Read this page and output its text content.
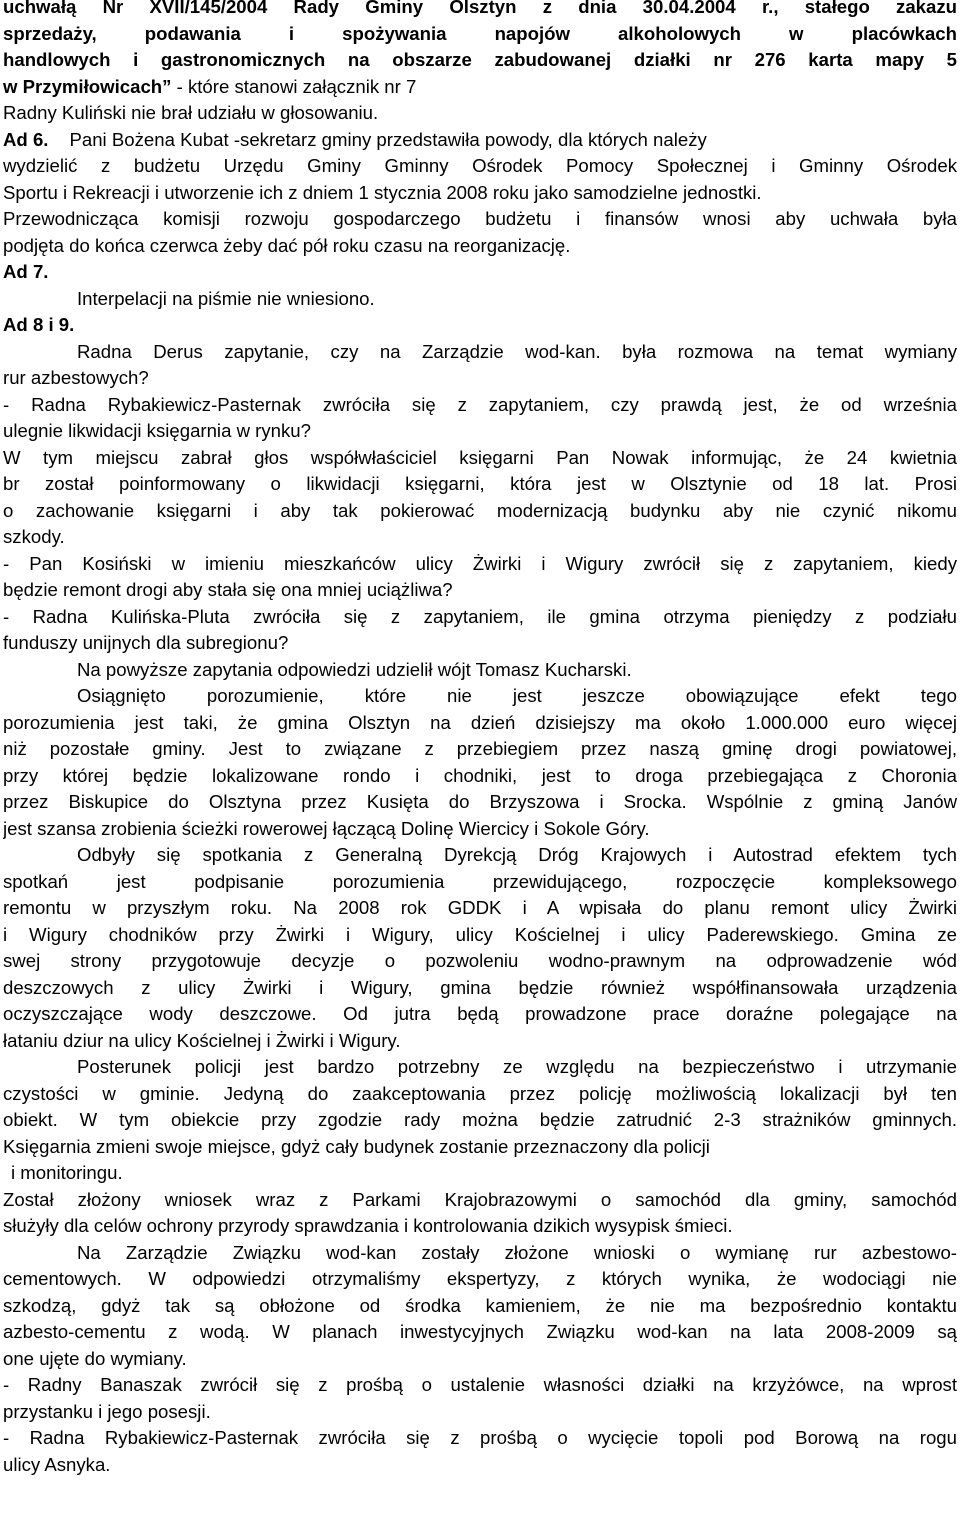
uchwałą Nr XVII/145/2004 Rady Gminy Olsztyn z dnia 30.04.2004 r., stałego zakazu
sprzedaży, podawania i spożywania napojów alkoholowych w placówkach
handlowych i gastronomicznych na obszarze zabudowanej działki nr 276 karta mapy 5
w Przymiłowicach” - które stanowi załącznik nr 7
Radny Kuliński nie brał udziału w głosowaniu.
Ad 6. Pani Bożena Kubat -sekretarz gminy przedstawiła powody, dla których należy
wydzielić z budżetu Urzędu Gminy Gminny Ośrodek Pomocy Społecznej i Gminny Ośrodek
Sportu i Rekreacji i utworzenie ich z dniem 1 stycznia 2008 roku jako samodzielne jednostki.
Przewodnicząca komisji rozwoju gospodarczego budżetu i finansów wnosi aby uchwała była
podjęta do końca czerwca żeby dać pół roku czasu na reorganizację.
Ad 7.
Interpelacji na piśmie nie wniesiono.
Ad 8 i 9.
Radna Derus zapytanie, czy na Zarządzie wod-kan. była rozmowa na temat wymiany
rur azbestowych?
- Radna Rybakiewicz-Pasternak zwróciła się z zapytaniem, czy prawdą jest, że od września
ulegnie likwidacji księgarnia w rynku?
W tym miejscu zabrał głos współwłaściciel księgarni Pan Nowak informując, że 24 kwietnia
br został poinformowany o likwidacji księgarni, która jest w Olsztynie od 18 lat. Prosi
o zachowanie księgarni i aby tak pokierować modernizacją budynku aby nie czynić nikomu
szkody.
- Pan Kosiński w imieniu mieszkańców ulicy Żwirki i Wigury zwrócił się z zapytaniem, kiedy
będzie remont drogi aby stała się ona mniej uciążliwa?
- Radna Kulińska-Pluta zwróciła się z zapytaniem, ile gmina otrzyma pieniędzy z podziału
funduszy unijnych dla subregionu?
Na powyższe zapytania odpowiedzi udzielił wójt Tomasz Kucharski.
Osiągnięto porozumienie, które nie jest jeszcze obowiązujące efekt tego
porozumienia jest taki, że gmina Olsztyn na dzień dzisiejszy ma około 1.000.000 euro więcej
niż pozostałe gminy. Jest to związane z przebiegiem przez naszą gminę drogi powiatowej,
przy której będzie lokalizowane rondo i chodniki, jest to droga przebiegająca z Choronia
przez Biskupice do Olsztyna przez Kusięta do Brzyszowa i Srocka. Wspólnie z gminą Janów
jest szansa zrobienia ścieżki rowerowej łączącą Dolinę Wiercicy i Sokole Góry.
Odbyły się spotkania z Generalną Dyrekcją Dróg Krajowych i Autostrad efektem tych
spotkań jest podpisanie porozumienia przewidującego, rozpoczęcie kompleksowego
remontu w przyszłym roku. Na 2008 rok GDDK i A wpisała do planu remont ulicy Żwirki
i Wigury chodników przy Żwirki i Wigury, ulicy Kościelnej i ulicy Paderewskiego. Gmina ze
swej strony przygotowuje decyzje o pozwoleniu wodno-prawnym na odprowadzenie wód
deszczowych z ulicy Żwirki i Wigury, gmina będzie również współfinansowała urządzenia
oczyszczające wody deszczowe. Od jutra będą prowadzone prace doraźne polegające na
łataniu dziur na ulicy Kościelnej i Żwirki i Wigury.
Posterunek policji jest bardzo potrzebny ze względu na bezpieczeństwo i utrzymanie
czystości w gminie. Jedyną do zaakceptowania przez policję możliwością lokalizacji był ten
obiekt. W tym obiekcie przy zgodzie rady można będzie zatrudnić 2-3 strażników gminnych.
Księgarnia zmieni swoje miejsce, gdyż cały budynek zostanie przeznaczony dla policji
i monitoringu.
Został złożony wniosek wraz z Parkami Krajobrazowymi o samochód dla gminy, samochód
służyły dla celów ochrony przyrody sprawdzania i kontrolowania dzikich wysypisk śmieci.
Na Zarządzie Związku wod-kan zostały złożone wnioski o wymianę rur azbestowo-
cementowych. W odpowiedzi otrzymaliśmy ekspertyzy, z których wynika, że wodociągi nie
szkodzą, gdyż tak są obłożone od środka kamieniem, że nie ma bezpośrednio kontaktu
azbesto-cementu z wodą. W planach inwestycyjnych Związku wod-kan na lata 2008-2009 są
one ujęte do wymiany.
- Radny Banaszak zwrócił się z prośbą o ustalenie własności działki na krzyżówce, na wprost
przystanku i jego posesji.
- Radna Rybakiewicz-Pasternak zwróciła się z prośbą o wycięcie topoli pod Borową na rogu
ulicy Asnyka.
